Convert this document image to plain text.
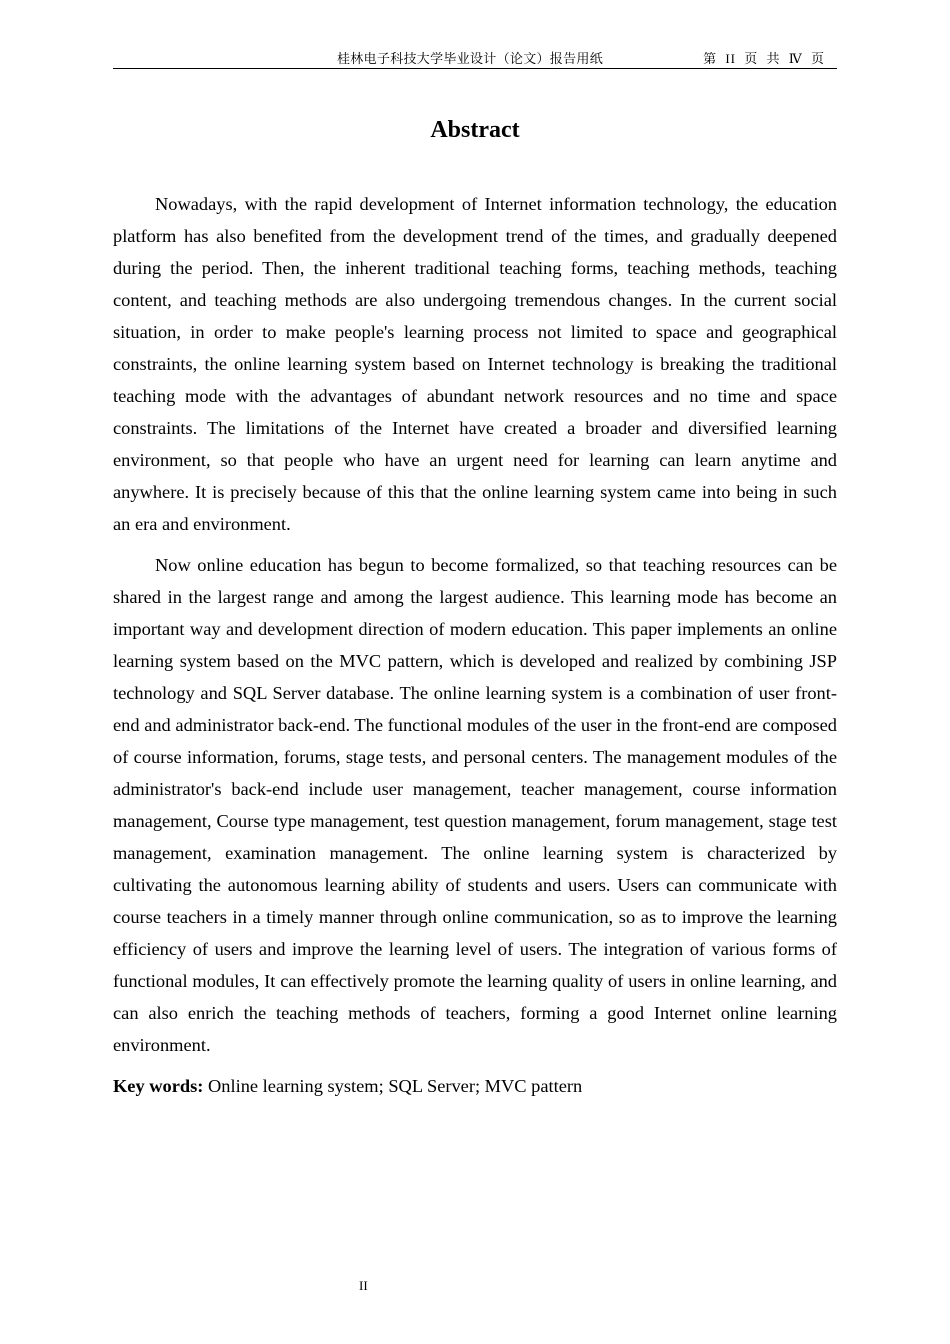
桂林电子科技大学毕业设计（论文）报告用纸	第 II 页 共 Ⅳ 页
Abstract

Nowadays, with the rapid development of Internet information technology, the education platform has also benefited from the development trend of the times, and gradually deepened during the period. Then, the inherent traditional teaching forms, teaching methods, teaching content, and teaching methods are also undergoing tremendous changes. In the current social situation, in order to make people's learning process not limited to space and geographical constraints, the online learning system based on Internet technology is breaking the traditional teaching mode with the advantages of abundant network resources and no time and space constraints. The limitations of the Internet have created a broader and diversified learning environment, so that people who have an urgent need for learning can learn anytime and anywhere. It is precisely because of this that the online learning system came into being in such an era and environment.

Now online education has begun to become formalized, so that teaching resources can be shared in the largest range and among the largest audience. This learning mode has become an important way and development direction of modern education. This paper implements an online learning system based on the MVC pattern, which is developed and realized by combining JSP technology and SQL Server database. The online learning system is a combination of user front-end and administrator back-end. The functional modules of the user in the front-end are composed of course information, forums, stage tests, and personal centers. The management modules of the administrator's back-end include user management, teacher management, course information management, Course type management, test question management, forum management, stage test management, examination management. The online learning system is characterized by cultivating the autonomous learning ability of students and users. Users can communicate with course teachers in a timely manner through online communication, so as to improve the learning efficiency of users and improve the learning level of users. The integration of various forms of functional modules, It can effectively promote the learning quality of users in online learning, and can also enrich the teaching methods of teachers, forming a good Internet online learning environment.

Key words: Online learning system; SQL Server; MVC pattern

II
